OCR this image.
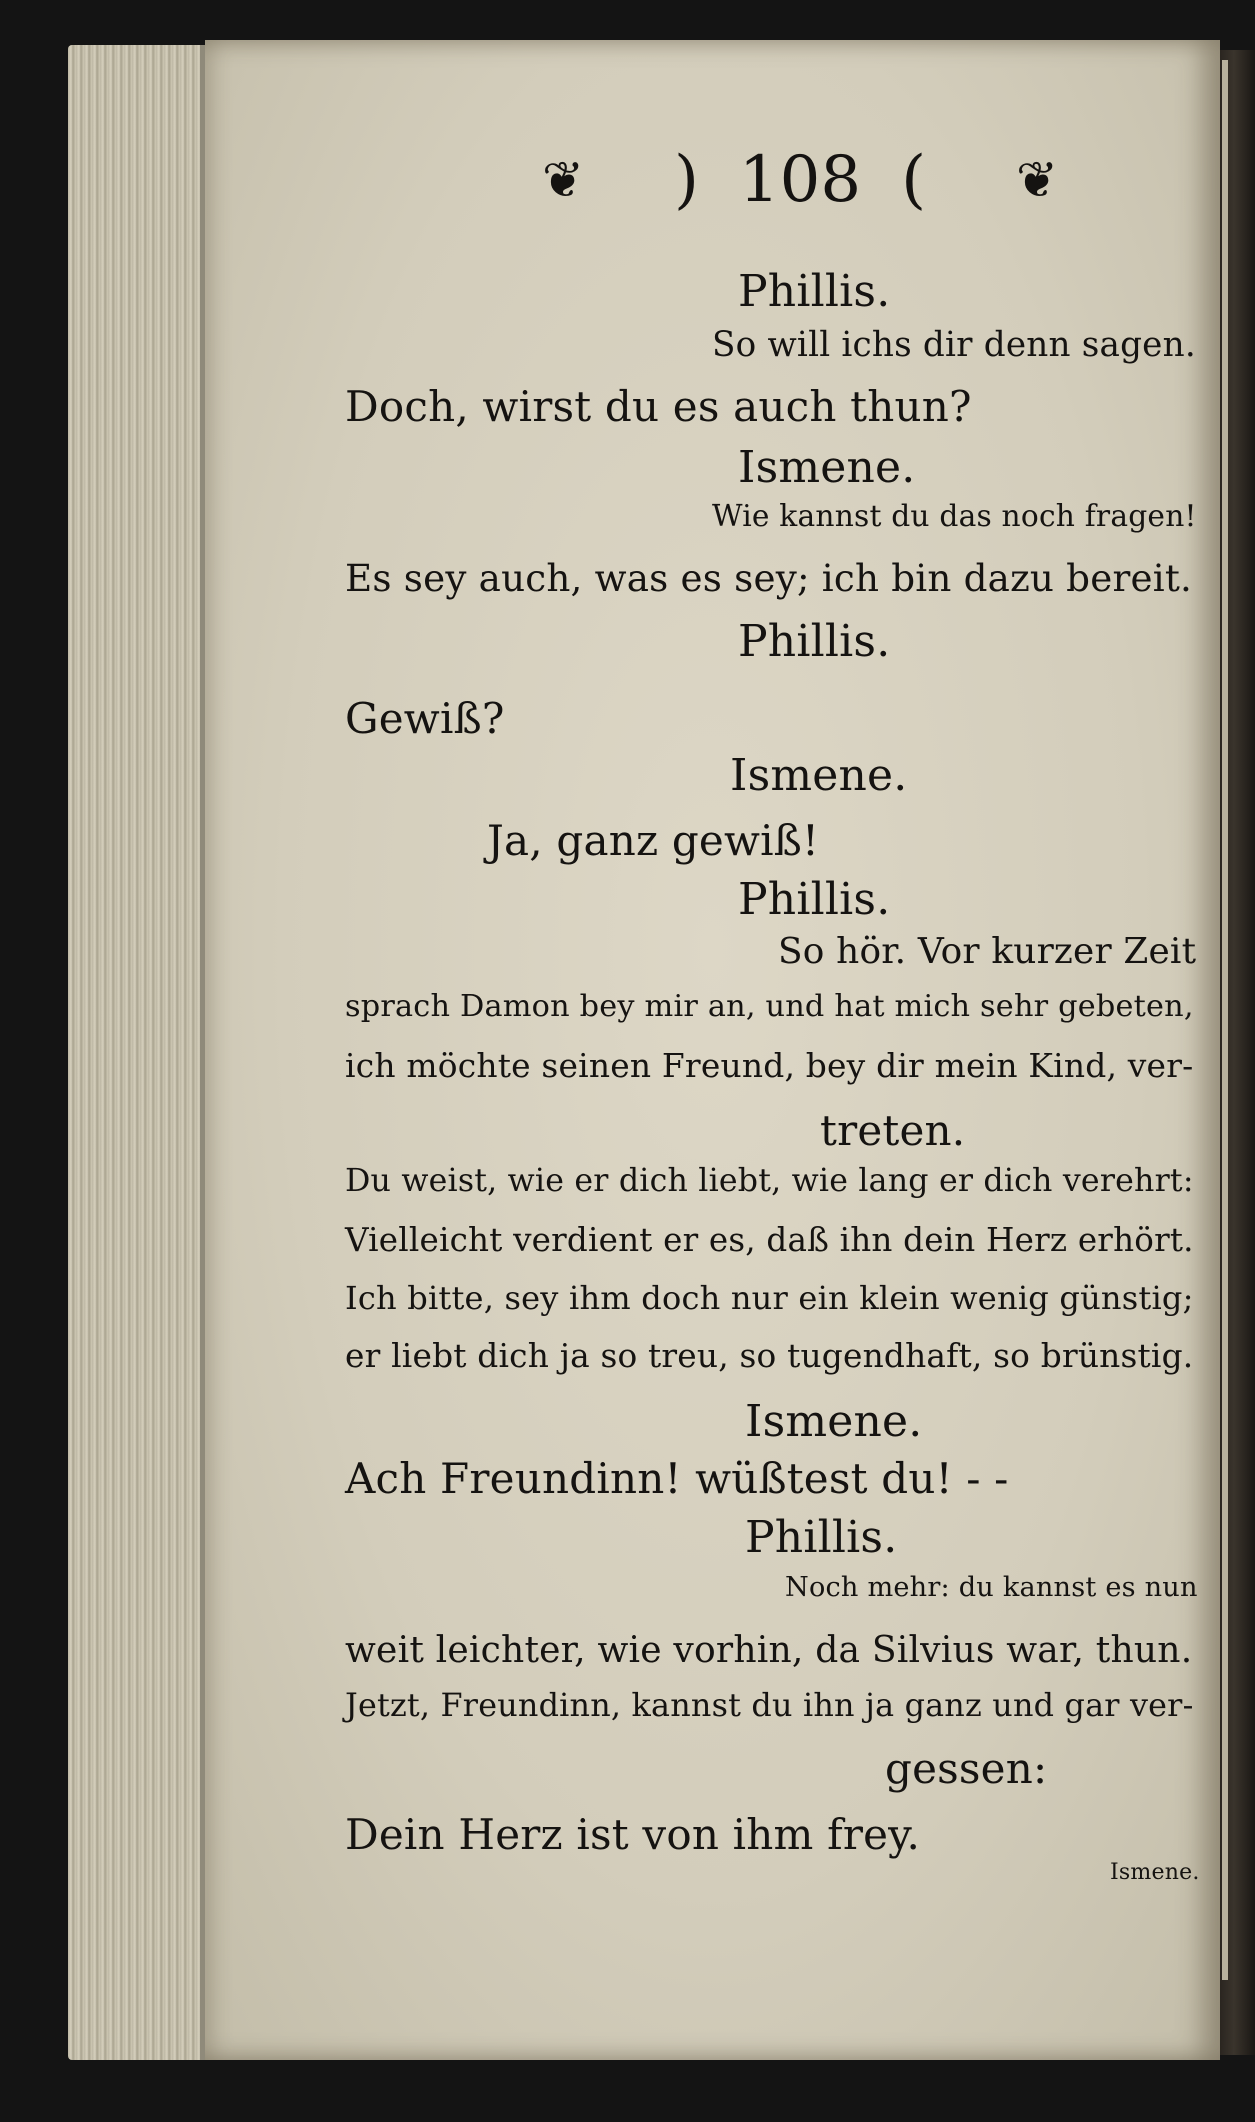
❦ ) 108 ( ❦
Phillis.
So will ichs dir denn sagen.
Doch, wirst du es auch thun?
Ismene.
Wie kannst du das noch fragen!
Es sey auch, was es sey; ich bin dazu bereit.
Phillis.
Gewiß?
Ismene.
Ja, ganz gewiß!
Phillis.
So hör. Vor kurzer Zeit
sprach Damon bey mir an, und hat mich sehr gebeten,
ich möchte seinen Freund, bey dir mein Kind, ver-
treten.
Du weist, wie er dich liebt, wie lang er dich verehrt:
Vielleicht verdient er es, daß ihn dein Herz erhört.
Ich bitte, sey ihm doch nur ein klein wenig günstig;
er liebt dich ja so treu, so tugendhaft, so brünstig.
Ismene.
Ach Freundinn! wüßtest du! - -
Phillis.
Noch mehr: du kannst es nun
weit leichter, wie vorhin, da Silvius war, thun.
Jetzt, Freundinn, kannst du ihn ja ganz und gar ver-
gessen:
Dein Herz ist von ihm frey.
Ismene.
